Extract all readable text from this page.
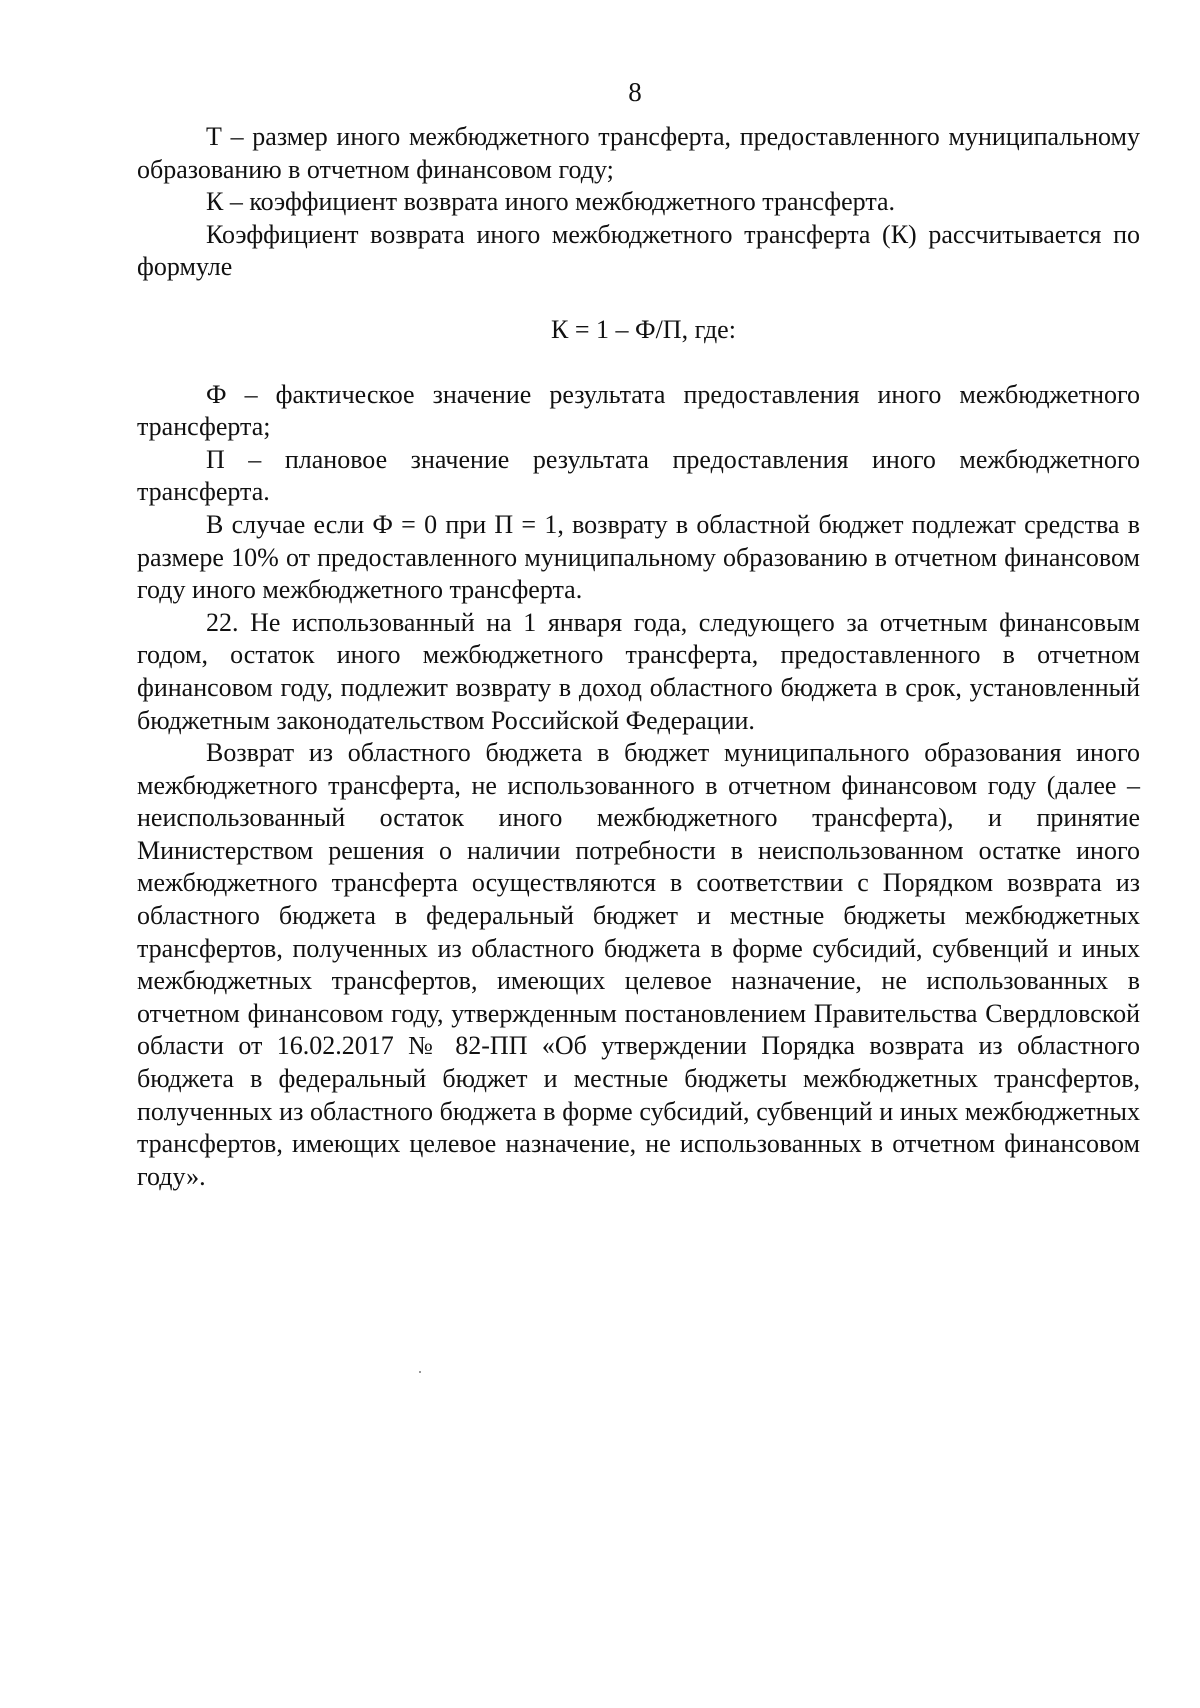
8

Т – размер иного межбюджетного трансферта, предоставленного муниципальному образованию в отчетном финансовом году;

К – коэффициент возврата иного межбюджетного трансферта.

Коэффициент возврата иного межбюджетного трансферта (К) рассчитывается по формуле

К = 1 – Ф/П, где:

Ф – фактическое значение результата предоставления иного межбюджетного трансферта;

П – плановое значение результата предоставления иного межбюджетного трансферта.

В случае если Ф = 0 при П = 1, возврату в областной бюджет подлежат средства в размере 10% от предоставленного муниципальному образованию в отчетном финансовом году иного межбюджетного трансферта.

22. Не использованный на 1 января года, следующего за отчетным финансовым годом, остаток иного межбюджетного трансферта, предоставленного в отчетном финансовом году, подлежит возврату в доход областного бюджета в срок, установленный бюджетным законодательством Российской Федерации.

Возврат из областного бюджета в бюджет муниципального образования иного межбюджетного трансферта, не использованного в отчетном финансовом году (далее – неиспользованный остаток иного межбюджетного трансферта), и принятие Министерством решения о наличии потребности в неиспользованном остатке иного межбюджетного трансферта осуществляются в соответствии с Порядком возврата из областного бюджета в федеральный бюджет и местные бюджеты межбюджетных трансфертов, полученных из областного бюджета в форме субсидий, субвенций и иных межбюджетных трансфертов, имеющих целевое назначение, не использованных в отчетном финансовом году, утвержденным постановлением Правительства Свердловской области от 16.02.2017 № 82-ПП «Об утверждении Порядка возврата из областного бюджета в федеральный бюджет и местные бюджеты межбюджетных трансфертов, полученных из областного бюджета в форме субсидий, субвенций и иных межбюджетных трансфертов, имеющих целевое назначение, не использованных в отчетном финансовом году».
